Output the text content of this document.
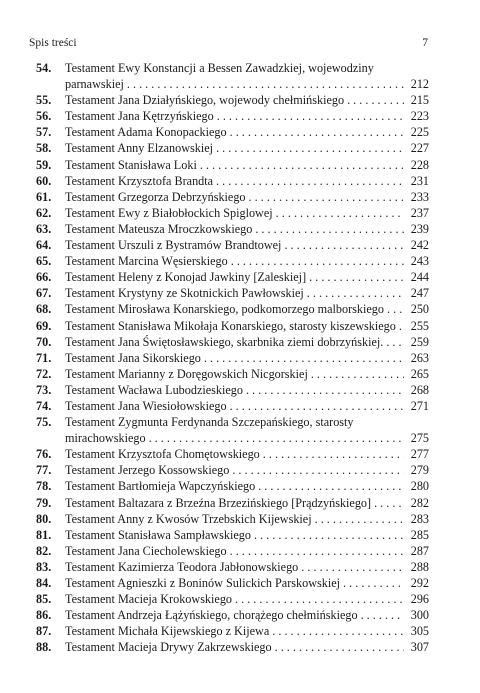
Spis treści	7
54.	Testament Ewy Konstancji a Bessen Zawadzkiej, wojewodziny
parnawskiej . . .	212
55.	Testament Jana Działyńskiego, wojewody chełmińskiego . . .	215
56.	Testament Jana Kętrzyńskiego . . .	223
57.	Testament Adama Konopackiego . . .	225
58.	Testament Anny Elzanowskiej . . .	227
59.	Testament Stanisława Loki . . .	228
60.	Testament Krzysztofa Brandta . . .	231
61.	Testament Grzegorza Debrzyńskiego . . .	233
62.	Testament Ewy z Białobłockich Spiglowej . . .	237
63.	Testament Mateusza Mroczkowskiego . . .	239
64.	Testament Urszuli z Bystramów Brandtowej . . .	242
65.	Testament Marcina Węsierskiego . . .	243
66.	Testament Heleny z Konojad Jawkiny [Zaleskiej] . . .	244
67.	Testament Krystyny ze Skotnickich Pawłowskiej . . .	247
68.	Testament Mirosława Konarskiego, podkomorzego malborskiego . . .	250
69.	Testament Stanisława Mikołaja Konarskiego, starosty kiszewskiego . . .	255
70.	Testament Jana Świętosławskiego, skarbnika ziemi dobrzyńskiej. . . .	259
71.	Testament Jana Sikorskiego . . .	263
72.	Testament Marianny z Doręgowskich Nicgorskiej . . .	265
73.	Testament Wacława Lubodzieskiego . . .	268
74.	Testament Jana Wiesiołowskiego . . .	271
75.	Testament Zygmunta Ferdynanda Szczepańskiego, starosty
mirachowskiego . . .	275
76.	Testament Krzysztofa Chomętowskiego . . .	277
77.	Testament Jerzego Kossowskiego . . .	279
78.	Testament Bartłomieja Wapczyńskiego . . .	280
79.	Testament Baltazara z Brzeźna Brzezińskiego [Prądzyńskiego] . . .	282
80.	Testament Anny z Kwosów Trzebskich Kijewskiej . . .	283
81.	Testament Stanisława Sampławskiego . . .	285
82.	Testament Jana Ciecholewskiego . . .	287
83.	Testament Kazimierza Teodora Jabłonowskiego . . .	288
84.	Testament Agnieszki z Boninów Sulickich Parskowskiej . . .	292
85.	Testament Macieja Krokowskiego . . .	296
86.	Testament Andrzeja Łążyńskiego, chorążego chełmińskiego . . .	300
87.	Testament Michała Kijewskiego z Kijewa . . .	305
88.	Testament Macieja Drywy Zakrzewskiego . . .	307
